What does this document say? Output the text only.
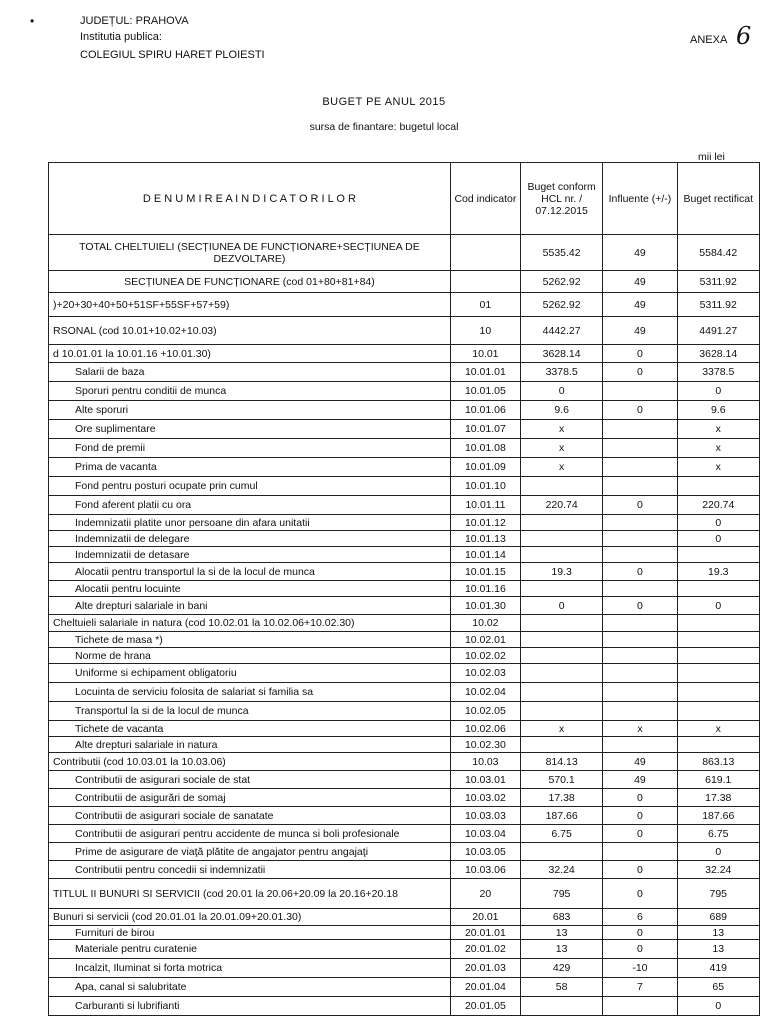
•	JUDEȚUL: PRAHOVA
Institutia publica:
COLEGIUL SPIRU HARET PLOIESTI
ANEXA 6
BUGET PE ANUL 2015
sursa de finantare: bugetul local
mii lei
D E N U M I R E A I N D I C A T O R I L O R	Cod indicator	Buget conform HCL nr. / 07.12.2015	Influente (+/-)	Buget rectificat
TOTAL CHELTUIELI (SECȚIUNEA DE FUNCȚIONARE+SECȚIUNEA DE DEZVOLTARE)		5535.42	49	5584.42
SECȚIUNEA DE FUNCȚIONARE (cod 01+80+81+84)		5262.92	49	5311.92
)+20+30+40+50+51SF+55SF+57+59)	01	5262.92	49	5311.92
RSONAL (cod 10.01+10.02+10.03)	10	4442.27	49	4491.27
d 10.01.01 la 10.01.16 +10.01.30)	10.01	3628.14	0	3628.14
Salarii de baza	10.01.01	3378.5	0	3378.5
Sporuri pentru conditii de munca	10.01.05	0		0
Alte sporuri	10.01.06	9.6	0	9.6
Ore suplimentare	10.01.07	x		x
Fond de premii	10.01.08	x		x
Prima de vacanta	10.01.09	x		x
Fond pentru posturi ocupate prin cumul	10.01.10			
Fond aferent platii cu ora	10.01.11	220.74	0	220.74
Indemnizatii platite unor persoane din afara unitatii	10.01.12			0
Indemnizatii de delegare	10.01.13			0
Indemnizatii de detasare	10.01.14			
Alocatii pentru transportul la si de la locul de munca	10.01.15	19.3	0	19.3
Alocatii pentru locuinte	10.01.16			
Alte drepturi salariale in bani	10.01.30	0	0	0
Cheltuieli salariale in natura (cod 10.02.01 la 10.02.06+10.02.30)	10.02			
Tichete de masa *)	10.02.01			
Norme de hrana	10.02.02			
Uniforme si echipament obligatoriu	10.02.03			
Locuinta de serviciu folosita de salariat si familia sa	10.02.04			
Transportul la si de la locul de munca	10.02.05			
Tichete de vacanta	10.02.06	x	x	x
Alte drepturi salariale in natura	10.02.30			
Contributii (cod 10.03.01 la 10.03.06)	10.03	814.13	49	863.13
Contributii de asigurari sociale de stat	10.03.01	570.1	49	619.1
Contributii de asigurări de somaj	10.03.02	17.38	0	17.38
Contributii de asigurari sociale de sanatate	10.03.03	187.66	0	187.66
Contributii de asigurari pentru accidente de munca si boli profesionale	10.03.04	6.75	0	6.75
Prime de asigurare de viaţă plătite de angajator pentru angajaţi	10.03.05			0
Contributii pentru concedii si indemnizatii	10.03.06	32.24	0	32.24
TITLUL II BUNURI SI SERVICII (cod 20.01 la 20.06+20.09 la 20.16+20.18	20	795	0	795
Bunuri si servicii (cod 20.01.01 la 20.01.09+20.01.30)	20.01	683	6	689
Furnituri de birou	20.01.01	13	0	13
Materiale pentru curatenie	20.01.02	13	0	13
Incalzit, Iluminat si forta motrica	20.01.03	429	-10	419
Apa, canal si salubritate	20.01.04	58	7	65
Carburanti si lubrifianti	20.01.05			0
